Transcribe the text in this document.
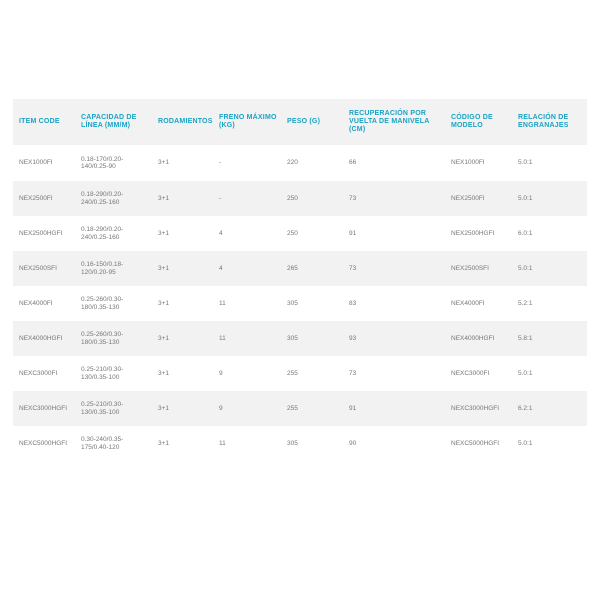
ITEM CODE	CAPACIDAD DE LÍNEA (MM/M)	RODAMIENTOS	FRENO MÁXIMO (KG)	PESO (G)	RECUPERACIÓN POR VUELTA DE MANIVELA (CM)	CÓDIGO DE MODELO	RELACIÓN DE ENGRANAJES
NEX1000FI	0.18-170/0.20-140/0.25-90	3+1	-	220	66	NEX1000FI	5.0:1
NEX2500FI	0.18-290/0.20-240/0.25-160	3+1	-	250	73	NEX2500FI	5.0:1
NEX2500HGFI	0.18-290/0.20-240/0.25-160	3+1	4	250	91	NEX2500HGFI	6.0:1
NEX2500SFI	0.16-150/0.18-120/0.20-95	3+1	4	265	73	NEX2500SFI	5.0:1
NEX4000FI	0.25-260/0.30-180/0.35-130	3+1	11	305	83	NEX4000FI	5.2:1
NEX4000HGFI	0.25-260/0.30-180/0.35-130	3+1	11	305	93	NEX4000HGFI	5.8:1
NEXC3000FI	0.25-210/0.30-130/0.35-100	3+1	9	255	73	NEXC3000FI	5.0:1
NEXC3000HGFI	0.25-210/0.30-130/0.35-100	3+1	9	255	91	NEXC3000HGFI	6.2:1
NEXC5000HGFI	0.30-240/0.35-175/0.40-120	3+1	11	305	90	NEXC5000HGFI	5.0:1
